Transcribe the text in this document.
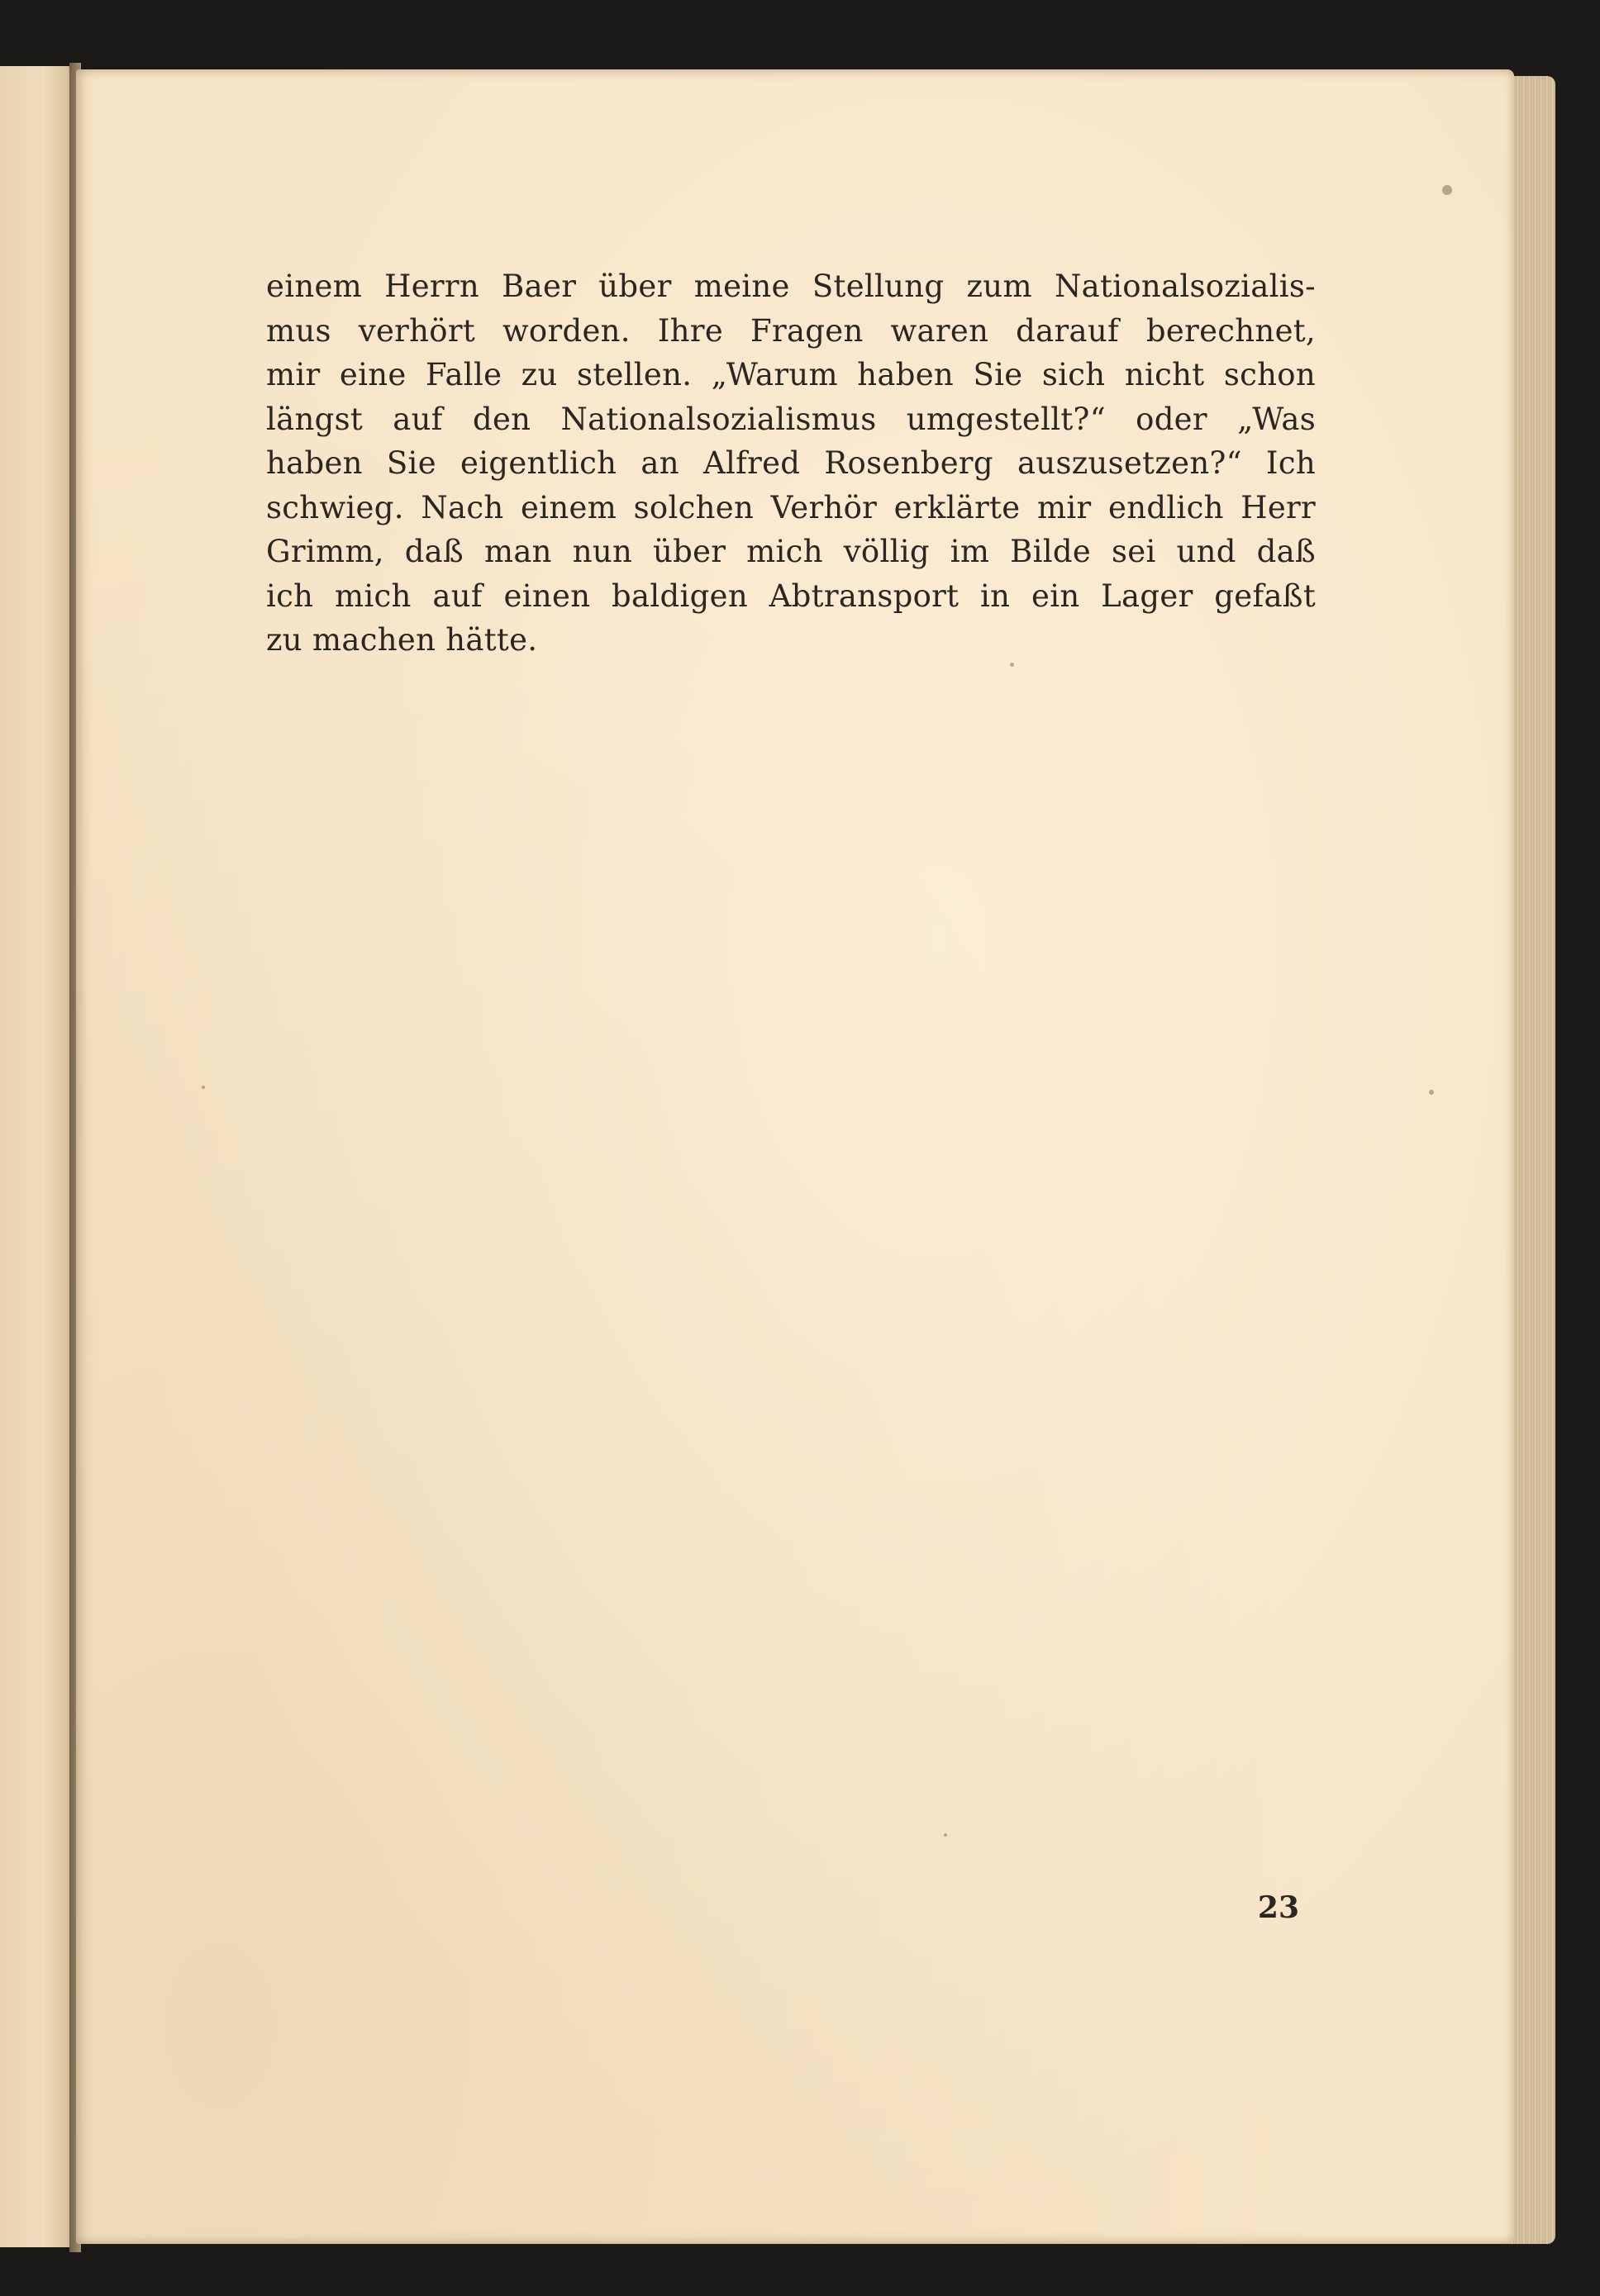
einem Herrn Baer über meine Stellung zum Nationalsozialis-
mus verhört worden. Ihre Fragen waren darauf berechnet,
mir eine Falle zu stellen. „Warum haben Sie sich nicht schon
längst auf den Nationalsozialismus umgestellt?“ oder „Was
haben Sie eigentlich an Alfred Rosenberg auszusetzen?“ Ich
schwieg. Nach einem solchen Verhör erklärte mir endlich Herr
Grimm, daß man nun über mich völlig im Bilde sei und daß
ich mich auf einen baldigen Abtransport in ein Lager gefaßt
zu machen hätte.

23
